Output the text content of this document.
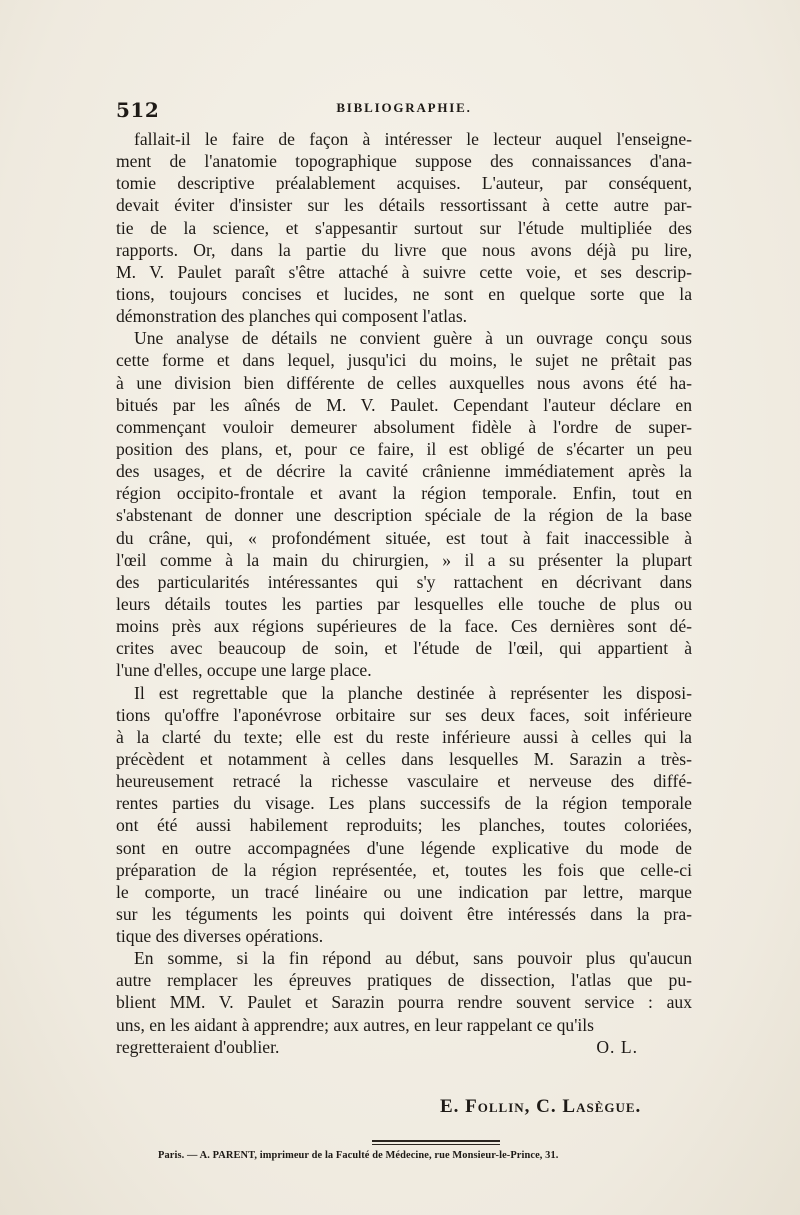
512	BIBLIOGRAPHIE.
fallait-il le faire de façon à intéresser le lecteur auquel l'enseigne-
ment de l'anatomie topographique suppose des connaissances d'ana-
tomie descriptive préalablement acquises. L'auteur, par conséquent,
devait éviter d'insister sur les détails ressortissant à cette autre par-
tie de la science, et s'appesantir surtout sur l'étude multipliée des
rapports. Or, dans la partie du livre que nous avons déjà pu lire,
M. V. Paulet paraît s'être attaché à suivre cette voie, et ses descrip-
tions, toujours concises et lucides, ne sont en quelque sorte que la
démonstration des planches qui composent l'atlas.
Une analyse de détails ne convient guère à un ouvrage conçu sous
cette forme et dans lequel, jusqu'ici du moins, le sujet ne prêtait pas
à une division bien différente de celles auxquelles nous avons été ha-
bitués par les aînés de M. V. Paulet. Cependant l'auteur déclare en
commençant vouloir demeurer absolument fidèle à l'ordre de super-
position des plans, et, pour ce faire, il est obligé de s'écarter un peu
des usages, et de décrire la cavité crânienne immédiatement après la
région occipito-frontale et avant la région temporale. Enfin, tout en
s'abstenant de donner une description spéciale de la région de la base
du crâne, qui, « profondément située, est tout à fait inaccessible à
l'œil comme à la main du chirurgien, » il a su présenter la plupart
des particularités intéressantes qui s'y rattachent en décrivant dans
leurs détails toutes les parties par lesquelles elle touche de plus ou
moins près aux régions supérieures de la face. Ces dernières sont dé-
crites avec beaucoup de soin, et l'étude de l'œil, qui appartient à
l'une d'elles, occupe une large place.
Il est regrettable que la planche destinée à représenter les disposi-
tions qu'offre l'aponévrose orbitaire sur ses deux faces, soit inférieure
à la clarté du texte; elle est du reste inférieure aussi à celles qui la
précèdent et notamment à celles dans lesquelles M. Sarazin a très-
heureusement retracé la richesse vasculaire et nerveuse des diffé-
rentes parties du visage. Les plans successifs de la région temporale
ont été aussi habilement reproduits; les planches, toutes coloriées,
sont en outre accompagnées d'une légende explicative du mode de
préparation de la région représentée, et, toutes les fois que celle-ci
le comporte, un tracé linéaire ou une indication par lettre, marque
sur les téguments les points qui doivent être intéressés dans la pra-
tique des diverses opérations.
En somme, si la fin répond au début, sans pouvoir plus qu'aucun
autre remplacer les épreuves pratiques de dissection, l'atlas que pu-
blient MM. V. Paulet et Sarazin pourra rendre souvent service : aux
uns, en les aidant à apprendre; aux autres, en leur rappelant ce qu'ils
regretteraient d'oublier.	O. L.
E. Follin, C. Lasègue.
Paris. — A. PARENT, imprimeur de la Faculté de Médecine, rue Monsieur-le-Prince, 31.
